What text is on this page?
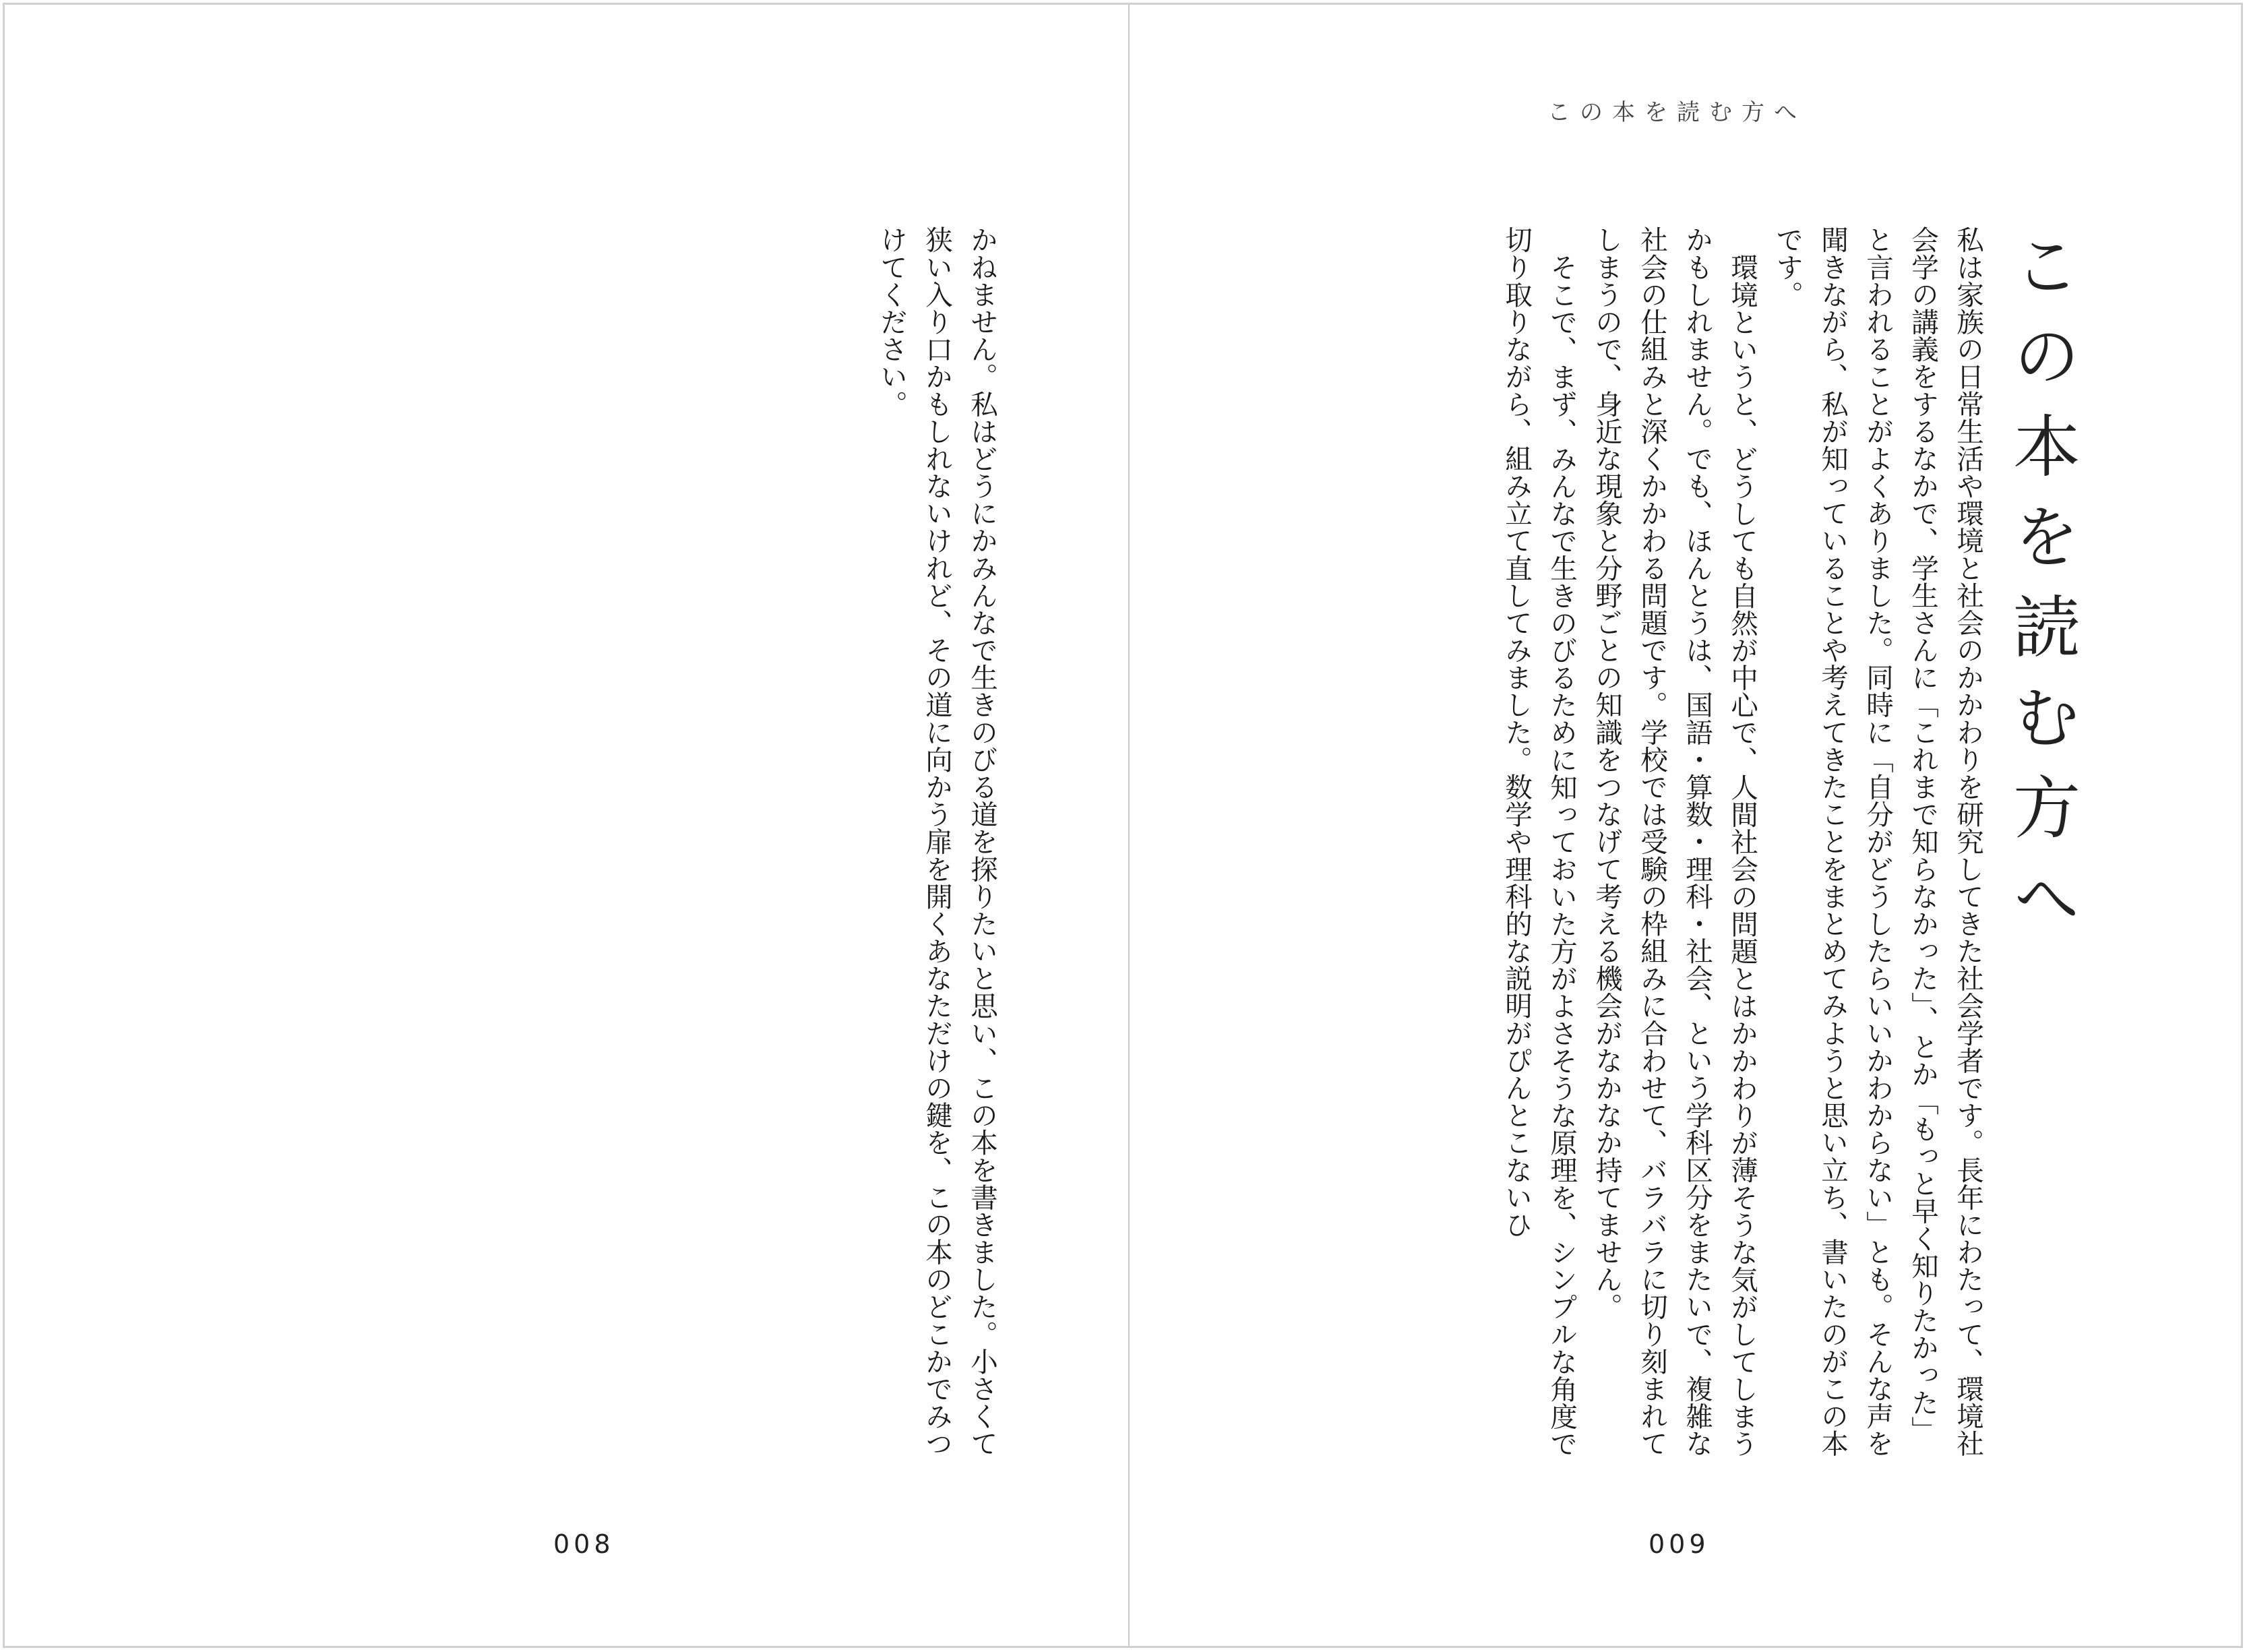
かねません。私はどうにかみんなで生きのびる道を探りたいと思い、この本を書きました。小さくて狭い入り口かもしれないけれど、その道に向かう扉を開くあなただけの鍵を、この本のどこかでみつけてください。

008
この本を読む方へ
この本を読む方へ

私は家族の日常生活や環境と社会のかかわりを研究してきた社会学者です。長年にわたって、環境社会学の講義をするなかで、学生さんに「これまで知らなかった」、とか「もっと早く知りたかった」と言われることがよくありました。同時に「自分がどうしたらいいかわからない」とも。そんな声を聞きながら、私が知っていることや考えてきたことをまとめてみようと思い立ち、書いたのがこの本です。

環境というと、どうしても自然が中心で、人間社会の問題とはかかわりが薄そうな気がしてしまうかもしれません。でも、ほんとうは、国語・算数・理科・社会、という学科区分をまたいで、複雑な社会の仕組みと深くかかわる問題です。学校では受験の枠組みに合わせて、バラバラに切り刻まれてしまうので、身近な現象と分野ごとの知識をつなげて考える機会がなかなか持てません。

そこで、まず、みんなで生きのびるために知っておいた方がよさそうな原理を、シンプルな角度で切り取りながら、組み立て直してみました。数学や理科的な説明がぴんとこないひ

009
